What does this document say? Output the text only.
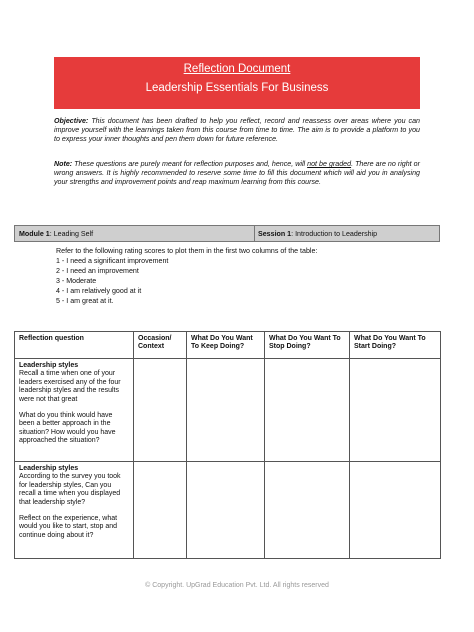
Reflection Document
Leadership Essentials For Business
Objective: This document has been drafted to help you reflect, record and reassess over areas where you can improve yourself with the learnings taken from this course from time to time. The aim is to provide a platform to you to express your inner thoughts and pen them down for future reference.
Note: These questions are purely meant for reflection purposes and, hence, will not be graded. There are no right or wrong answers. It is highly recommended to reserve some time to fill this document which will aid you in analysing your strengths and improvement points and reap maximum learning from this course.
Module 1: Leading Self	Session 1: Introduction to Leadership
Refer to the following rating scores to plot them in the first two columns of the table:
1 - I need a significant improvement
2 - I need an improvement
3 - Moderate
4 - I am relatively good at it
5 - I am great at it.
Reflection question	Occasion/ Context	What Do You Want To Keep Doing?	What Do You Want To Stop Doing?	What Do You Want To Start Doing?
Leadership styles
Recall a time when one of your leaders exercised any of the four leadership styles and the results were not that great
What do you think would have been a better approach in the situation? How would you have approached the situation?				

Leadership styles
According to the survey you took for leadership styles, Can you recall a time when you displayed that leadership style?
Reflect on the experience, what would you like to start, stop and continue doing about it?				

© Copyright. UpGrad Education Pvt. Ltd. All rights reserved
